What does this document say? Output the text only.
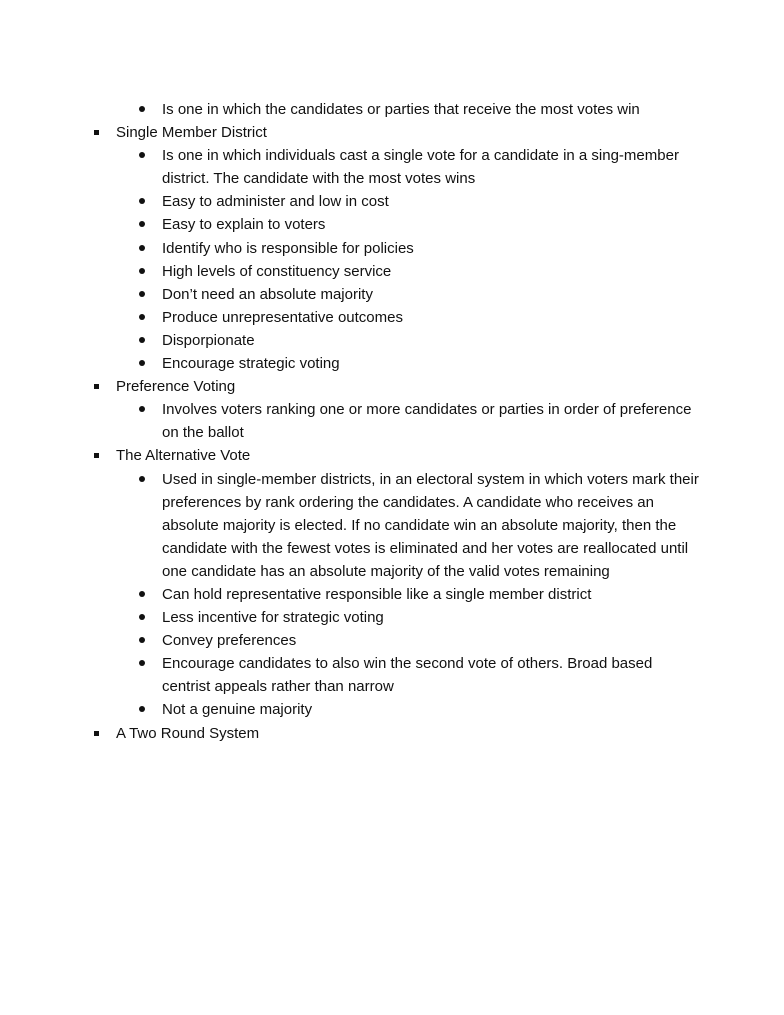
Is one in which the candidates or parties that receive the most votes win
Single Member District
Is one in which individuals cast a single vote for a candidate in a sing-member district. The candidate with the most votes wins
Easy to administer and low in cost
Easy to explain to voters
Identify who is responsible for policies
High levels of constituency service
Don’t need an absolute majority
Produce unrepresentative outcomes
Disporpionate
Encourage strategic voting
Preference Voting
Involves voters ranking one or more candidates or parties in order of preference on the ballot
The Alternative Vote
Used in single-member districts, in an electoral system in which voters mark their preferences by rank ordering the candidates. A candidate who receives an absolute majority is elected. If no candidate win an absolute majority, then the candidate with the fewest votes is eliminated and her votes are reallocated until one candidate has an absolute majority of the valid votes remaining
Can hold representative responsible like a single member district
Less incentive for strategic voting
Convey preferences
Encourage candidates to also win the second vote of others. Broad based centrist appeals rather than narrow
Not a genuine majority
A Two Round System
